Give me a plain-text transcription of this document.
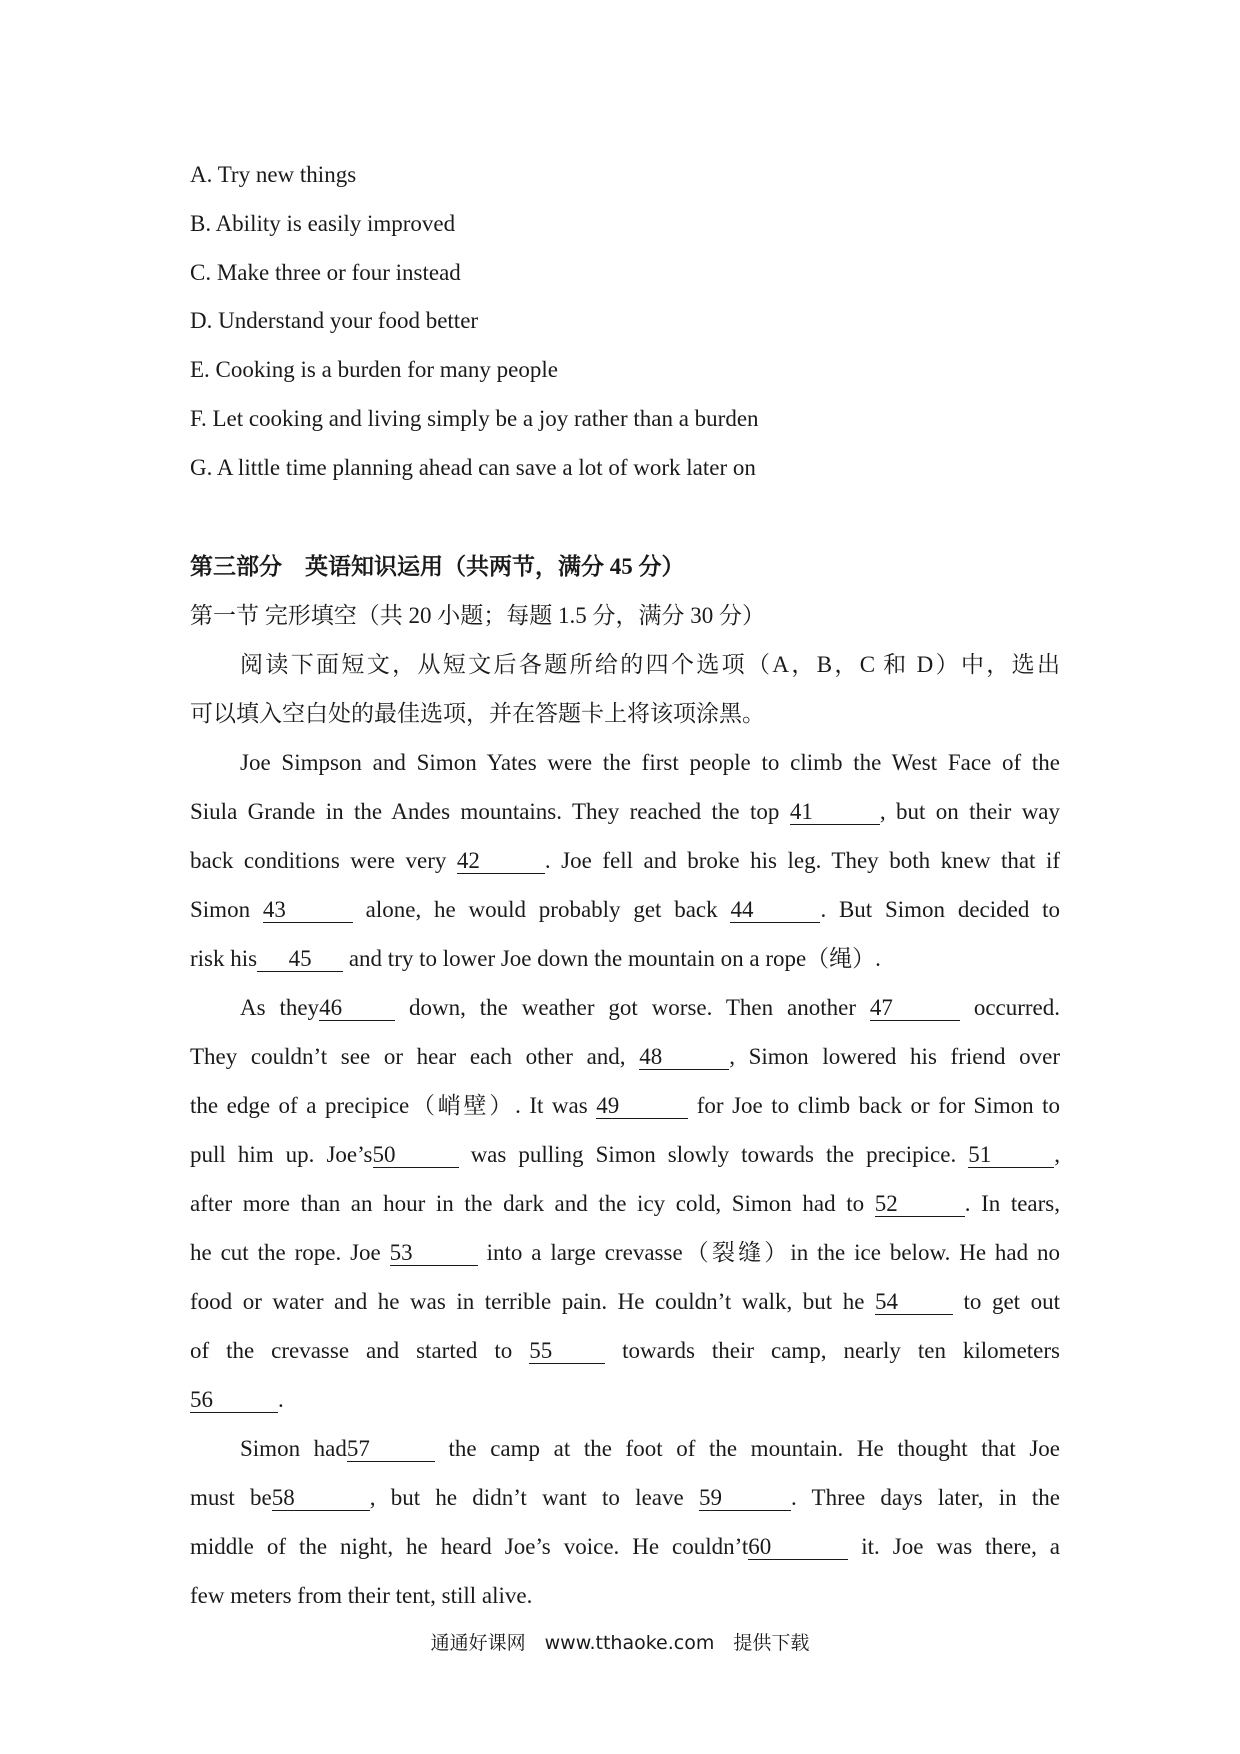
A. Try new things
B. Ability is easily improved
C. Make three or four instead
D. Understand your food better
E. Cooking is a burden for many people
F. Let cooking and living simply be a joy rather than a burden
G. A little time planning ahead can save a lot of work later on
第三部分　英语知识运用（共两节，满分 45 分）
第一节 完形填空（共 20 小题；每题 1.5 分，满分 30 分）
阅读下面短文，从短文后各题所给的四个选项（A，B，C 和 D）中，选出
可以填入空白处的最佳选项，并在答题卡上将该项涂黑。
Joe Simpson and Simon Yates were the first people to climb the West Face of the
Siula Grande in the Andes mountains. They reached the top 41	, but on their way
back conditions were very 42	. Joe fell and broke his leg. They both knew that if
Simon 43	alone, he would probably get back 44	. But Simon decided to
risk his 45 and try to lower Joe down the mountain on a rope（绳）.
As they46	down, the weather got worse. Then another 47	occurred.
They couldn’t see or hear each other and, 48	, Simon lowered his friend over
the edge of a precipice（峭壁）. It was 49	for Joe to climb back or for Simon to
pull him up. Joe’s50	was pulling Simon slowly towards the precipice. 51	,
after more than an hour in the dark and the icy cold, Simon had to 52	. In tears,
he cut the rope. Joe 53	into a large crevasse（裂缝）in the ice below. He had no
food or water and he was in terrible pain. He couldn’t walk, but he 54	to get out
of the crevasse and started to 55	towards their camp, nearly ten kilometers
56	.
Simon had57	the camp at the foot of the mountain. He thought that Joe
must be58	, but he didn’t want to leave 59	. Three days later, in the
middle of the night, he heard Joe’s voice. He couldn’t60	it. Joe was there, a
few meters from their tent, still alive.
通通好课网　www.tthaoke.com　提供下载
